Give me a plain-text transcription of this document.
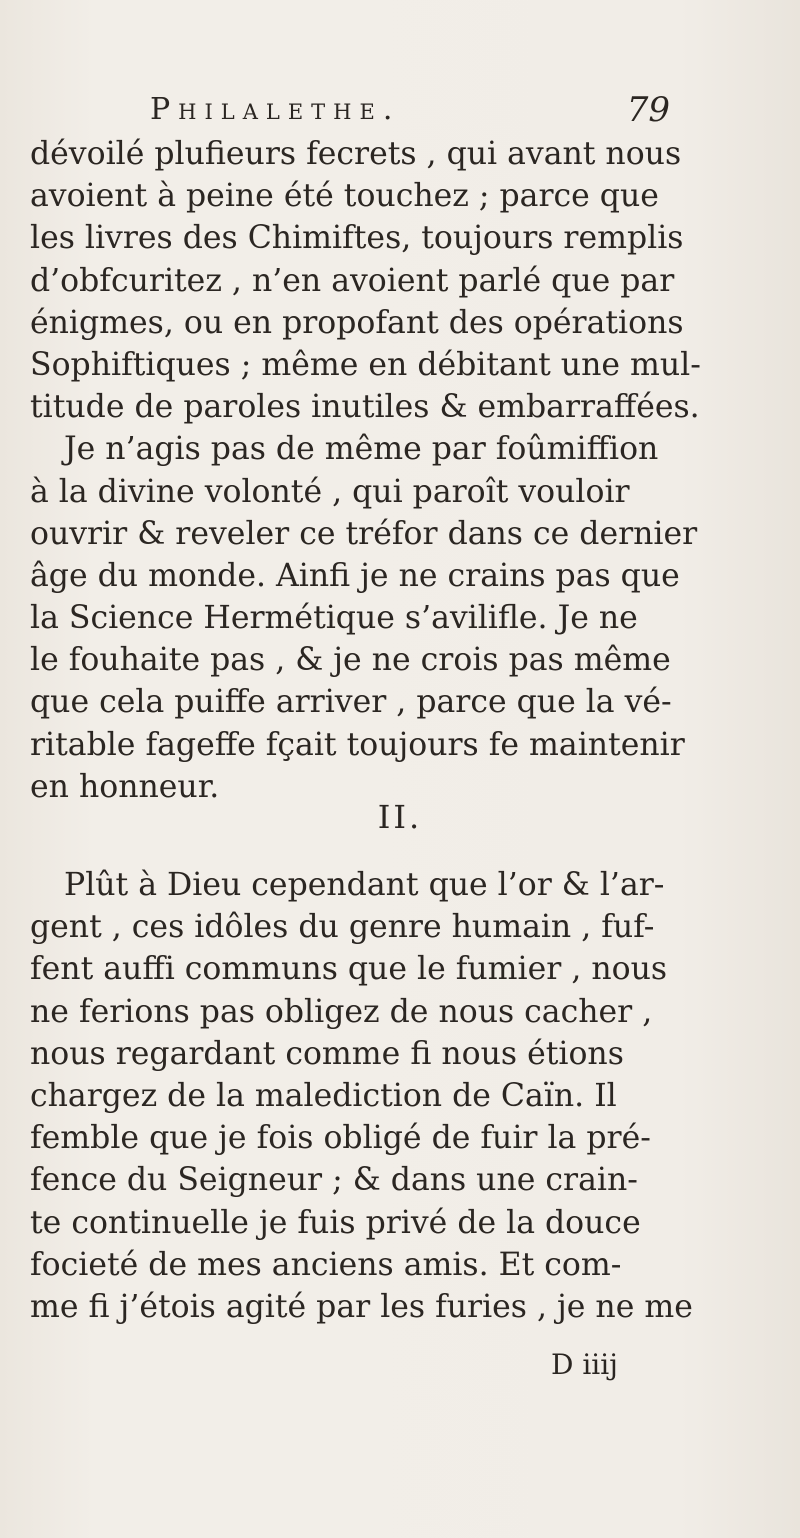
Philalethe.	79
dévoilé plufieurs fecrets , qui avant nous
avoient à peine été touchez ; parce que
les livres des Chimiftes, toujours remplis
d’obfcuritez , n’en avoient parlé que par
énigmes, ou en propofant des opérations
Sophiftiques ; même en débitant une mul-
titude de paroles inutiles & embarraffées.
Je n’agis pas de même par foûmiffion
à la divine volonté , qui paroît vouloir
ouvrir & reveler ce tréfor dans ce dernier
âge du monde. Ainfi je ne crains pas que
la Science Hermétique s’avilifle. Je ne
le fouhaite pas , & je ne crois pas même
que cela puiffe arriver , parce que la vé-
ritable fageffe fçait toujours fe maintenir
en honneur.
II.
Plût à Dieu cependant que l’or & l’ar-
gent , ces idôles du genre humain , fuf-
fent auffi communs que le fumier , nous
ne ferions pas obligez de nous cacher ,
nous regardant comme fi nous étions
chargez de la malediction de Caïn. Il
femble que je fois obligé de fuir la pré-
fence du Seigneur ; & dans une crain-
te continuelle je fuis privé de la douce
focieté de mes anciens amis. Et com-
me fi j’étois agité par les furies , je ne me
D iiij
